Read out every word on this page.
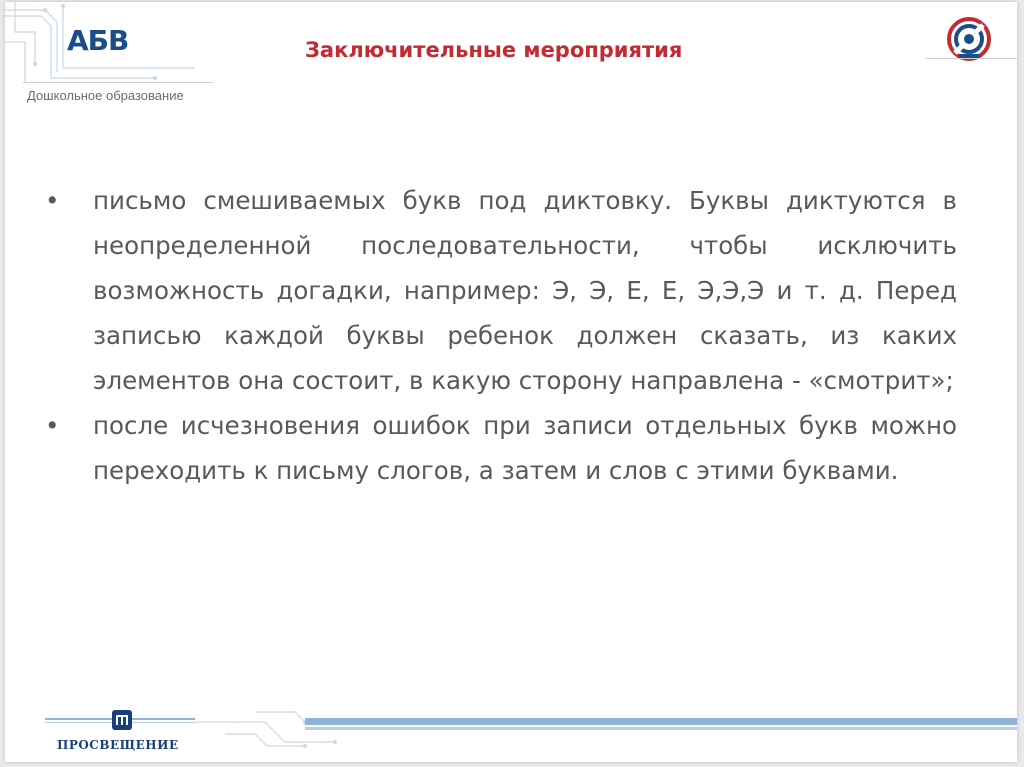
АБВ
Дошкольное образование
Заключительные мероприятия
• письмо смешиваемых букв под диктовку. Буквы диктуются в неопределенной последовательности, чтобы исключить возможность догадки, например: Э, Э, Е, Е, Э,Э,Э и т. д. Перед записью каждой буквы ребенок должен сказать, из каких элементов она состоит, в какую сторону направлена - «смотрит»;
• после исчезновения ошибок при записи отдельных букв можно переходить к письму слогов, а затем и слов с этими буквами.
ПРОСВЕЩЕНИЕ
